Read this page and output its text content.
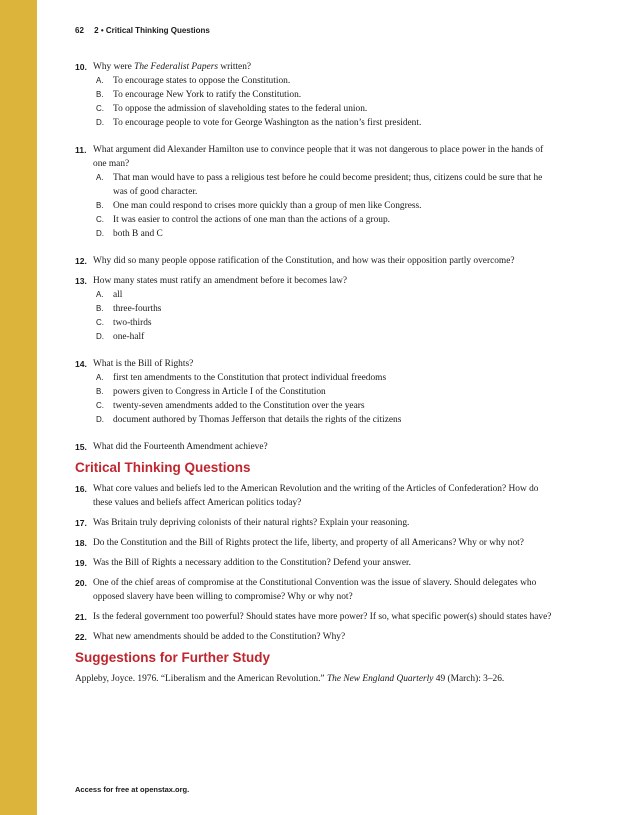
62 2 • Critical Thinking Questions
10. Why were The Federalist Papers written?
A. To encourage states to oppose the Constitution.
B. To encourage New York to ratify the Constitution.
C. To oppose the admission of slaveholding states to the federal union.
D. To encourage people to vote for George Washington as the nation’s first president.
11. What argument did Alexander Hamilton use to convince people that it was not dangerous to place power in the hands of one man?
A. That man would have to pass a religious test before he could become president; thus, citizens could be sure that he was of good character.
B. One man could respond to crises more quickly than a group of men like Congress.
C. It was easier to control the actions of one man than the actions of a group.
D. both B and C
12. Why did so many people oppose ratification of the Constitution, and how was their opposition partly overcome?
13. How many states must ratify an amendment before it becomes law?
A. all
B. three-fourths
C. two-thirds
D. one-half
14. What is the Bill of Rights?
A. first ten amendments to the Constitution that protect individual freedoms
B. powers given to Congress in Article I of the Constitution
C. twenty-seven amendments added to the Constitution over the years
D. document authored by Thomas Jefferson that details the rights of the citizens
15. What did the Fourteenth Amendment achieve?
Critical Thinking Questions
16. What core values and beliefs led to the American Revolution and the writing of the Articles of Confederation? How do these values and beliefs affect American politics today?
17. Was Britain truly depriving colonists of their natural rights? Explain your reasoning.
18. Do the Constitution and the Bill of Rights protect the life, liberty, and property of all Americans? Why or why not?
19. Was the Bill of Rights a necessary addition to the Constitution? Defend your answer.
20. One of the chief areas of compromise at the Constitutional Convention was the issue of slavery. Should delegates who opposed slavery have been willing to compromise? Why or why not?
21. Is the federal government too powerful? Should states have more power? If so, what specific power(s) should states have?
22. What new amendments should be added to the Constitution? Why?
Suggestions for Further Study
Appleby, Joyce. 1976. “Liberalism and the American Revolution.” The New England Quarterly 49 (March): 3–26.
Access for free at openstax.org.
